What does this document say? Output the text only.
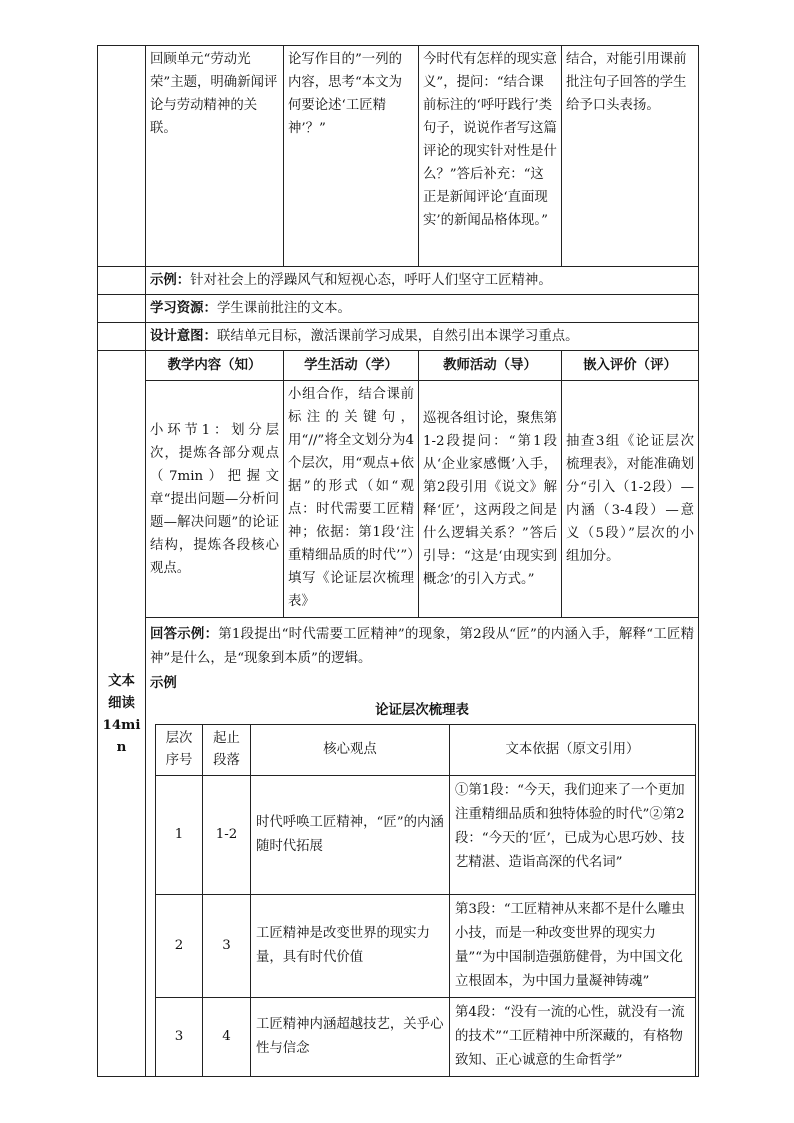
	回顾单元“劳动光荣”主题，明确新闻评论与劳动精神的关联。	论写作目的”一列的内容，思考“本文为何要论述‘工匠精神’？”	今时代有怎样的现实意义”，提问：“结合课前标注的‘呼吁践行’类句子，说说作者写这篇评论的现实针对性是什么？”答后补充：“这正是新闻评论‘直面现实’的新闻品格体现。”	结合，对能引用课前批注句子回答的学生给予口头表扬。
	示例：针对社会上的浮躁风气和短视心态，呼吁人们坚守工匠精神。
	学习资源：学生课前批注的文本。
	设计意图：联结单元目标，激活课前学习成果，自然引出本课学习重点。

文本
细读
14min
	教学内容（知）	学生活动（学）	教师活动（导）	嵌入评价（评）
小环节1：划分层次，提炼各部分观点（7min）把握文章“提出问题—分析问题—解决问题”的论证结构，提炼各段核心观点。	小组合作，结合课前标注的关键句，用“//”将全文划分为4个层次，用“观点+依据”的形式（如“观点：时代需要工匠精神；依据：第1段‘注重精细品质的时代’”）填写《论证层次梳理表》	巡视各组讨论，聚焦第1-2段提问：“第1段从‘企业家感慨’入手，第2段引用《说文》解释‘匠’，这两段之间是什么逻辑关系？”答后引导：“这是‘由现实到概念’的引入方式。”	抽查3组《论证层次梳理表》，对能准确划分“引入（1-2段）—内涵（3-4段）—意义（5段）”层次的小组加分。

回答示例：第1段提出“时代需要工匠精神”的现象，第2段从“匠”的内涵入手，解释“工匠精神”是什么，是“现象到本质”的逻辑。
示例
论证层次梳理表
层次序号	起止段落	核心观点	文本依据（原文引用）
1	1-2	时代呼唤工匠精神，“匠”的内涵随时代拓展	①第1段：“今天，我们迎来了一个更加注重精细品质和独特体验的时代”②第2段：“今天的‘匠’，已成为心思巧妙、技艺精湛、造诣高深的代名词”
2	3	工匠精神是改变世界的现实力量，具有时代价值	第3段：“工匠精神从来都不是什么雕虫小技，而是一种改变世界的现实力量”“为中国制造强筋健骨，为中国文化立根固本，为中国力量凝神铸魂”
3	4	工匠精神内涵超越技艺，关乎心性与信念	第4段：“没有一流的心性，就没有一流的技术”“工匠精神中所深藏的，有格物致知、正心诚意的生命哲学”
